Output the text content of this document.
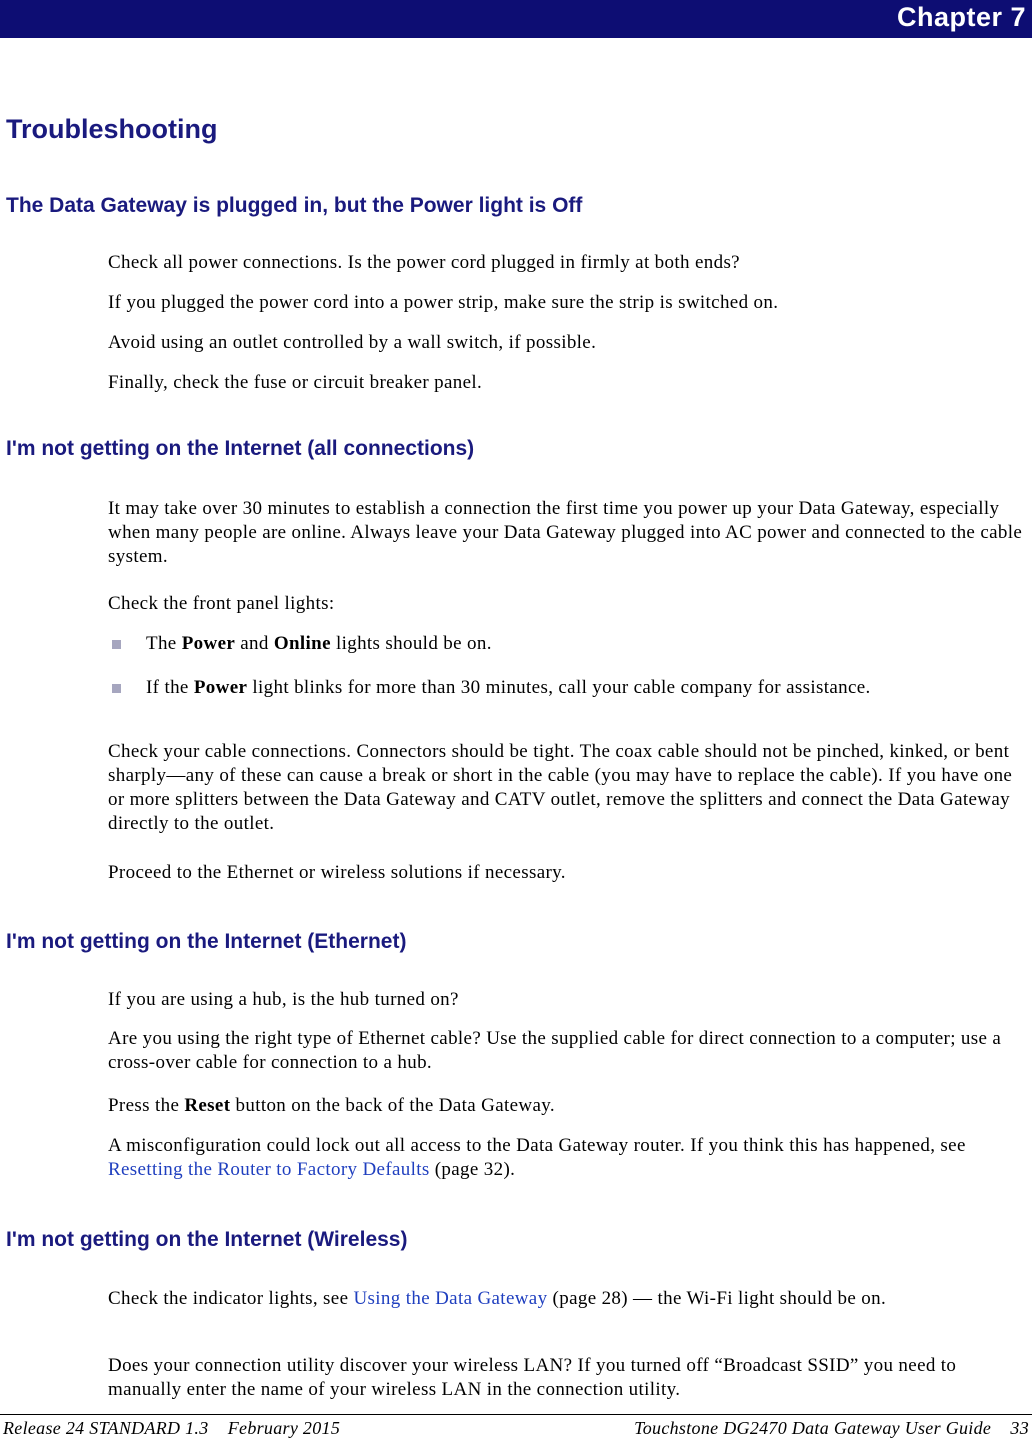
Chapter 7
Troubleshooting
The Data Gateway is plugged in, but the Power light is Off

Check all power connections. Is the power cord plugged in firmly at both ends?

If you plugged the power cord into a power strip, make sure the strip is switched on.

Avoid using an outlet controlled by a wall switch, if possible.

Finally, check the fuse or circuit breaker panel.

I'm not getting on the Internet (all connections)

It may take over 30 minutes to establish a connection the first time you power up your Data Gateway, especially when many people are online. Always leave your Data Gateway plugged into AC power and connected to the cable system.

Check the front panel lights:

The Power and Online lights should be on.

If the Power light blinks for more than 30 minutes, call your cable company for assistance.

Check your cable connections. Connectors should be tight. The coax cable should not be pinched, kinked, or bent sharply—any of these can cause a break or short in the cable (you may have to replace the cable). If you have one or more splitters between the Data Gateway and CATV outlet, remove the splitters and connect the Data Gateway directly to the outlet.

Proceed to the Ethernet or wireless solutions if necessary.

I'm not getting on the Internet (Ethernet)

If you are using a hub, is the hub turned on?

Are you using the right type of Ethernet cable? Use the supplied cable for direct connection to a computer; use a cross-over cable for connection to a hub.

Press the Reset button on the back of the Data Gateway.

A misconfiguration could lock out all access to the Data Gateway router. If you think this has happened, see Resetting the Router to Factory Defaults (page 32).

I'm not getting on the Internet (Wireless)

Check the indicator lights, see Using the Data Gateway (page 28) — the Wi-Fi light should be on.

Does your connection utility discover your wireless LAN? If you turned off “Broadcast SSID” you need to manually enter the name of your wireless LAN in the connection utility.

Release 24 STANDARD 1.3    February 2015	Touchstone DG2470 Data Gateway User Guide    33
